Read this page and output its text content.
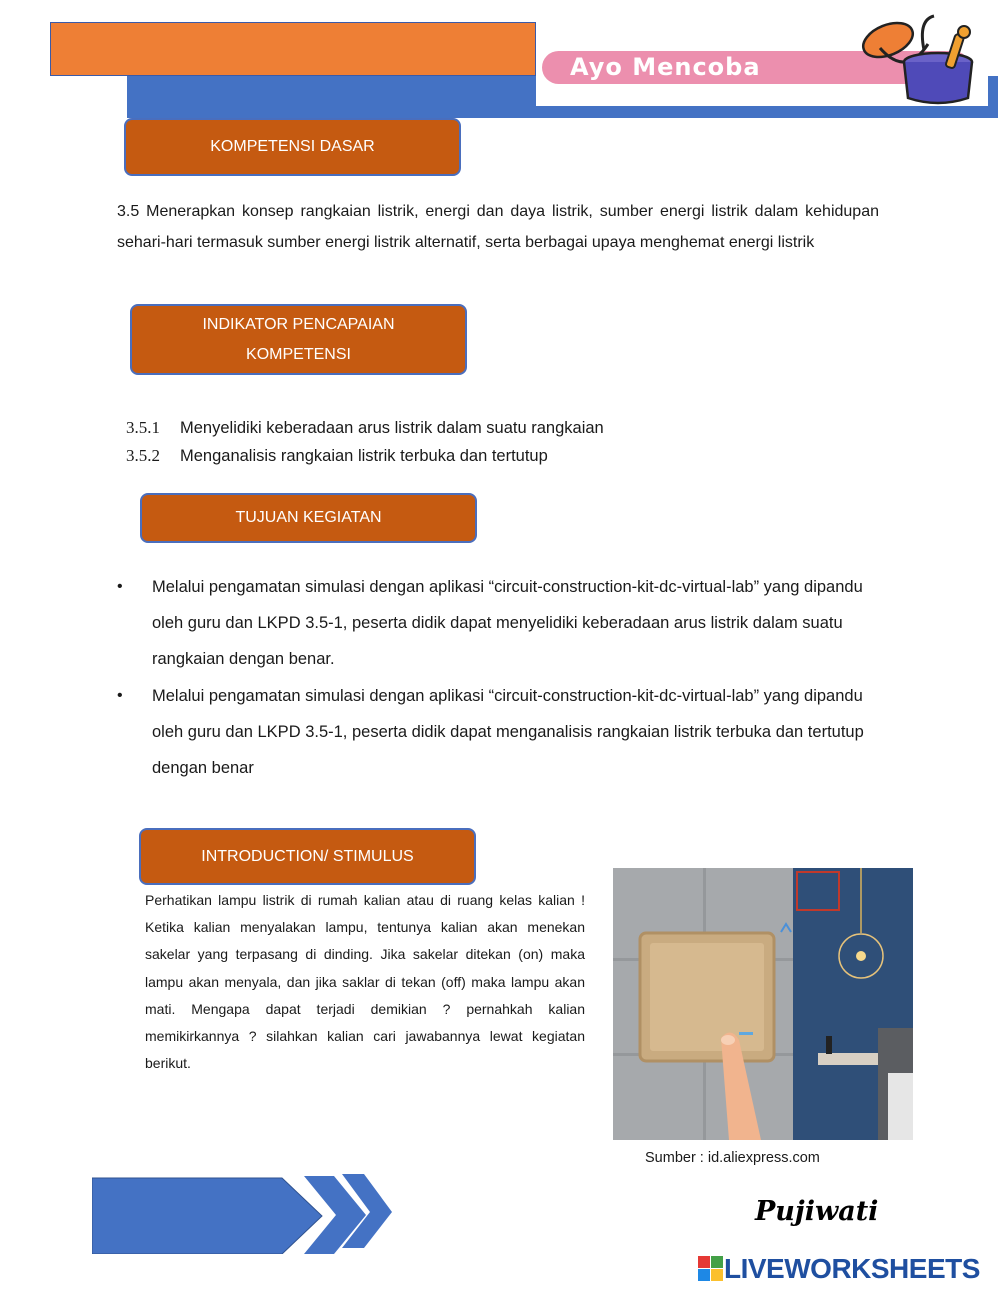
Ayo Mencoba
KOMPETENSI DASAR
3.5 Menerapkan konsep rangkaian listrik, energi dan daya listrik, sumber energi listrik dalam kehidupan sehari-hari termasuk sumber energi listrik alternatif, serta berbagai upaya menghemat energi listrik
INDIKATOR PENCAPAIAN
KOMPETENSI
3.5.1	Menyelidiki keberadaan arus listrik dalam suatu rangkaian
3.5.2	Menganalisis rangkaian listrik terbuka dan tertutup
TUJUAN KEGIATAN
•	Melalui pengamatan simulasi dengan aplikasi “circuit-construction-kit-dc-virtual-lab” yang dipandu oleh guru dan LKPD 3.5-1, peserta didik dapat menyelidiki keberadaan arus listrik dalam suatu rangkaian dengan benar.
•	Melalui pengamatan simulasi dengan aplikasi “circuit-construction-kit-dc-virtual-lab” yang dipandu oleh guru dan LKPD 3.5-1, peserta didik dapat menganalisis rangkaian listrik terbuka dan tertutup dengan benar
INTRODUCTION/ STIMULUS
Perhatikan lampu listrik di rumah kalian atau di ruang kelas kalian ! Ketika kalian menyalakan lampu, tentunya kalian akan menekan sakelar yang terpasang di dinding. Jika sakelar ditekan (on) maka lampu akan menyala, dan jika saklar di tekan (off) maka lampu akan mati. Mengapa dapat terjadi demikian ? pernahkah kalian memikirkannya ? silahkan kalian cari jawabannya lewat kegiatan berikut.
Sumber : id.aliexpress.com
Pujiwati
LIVEWORKSHEETS
